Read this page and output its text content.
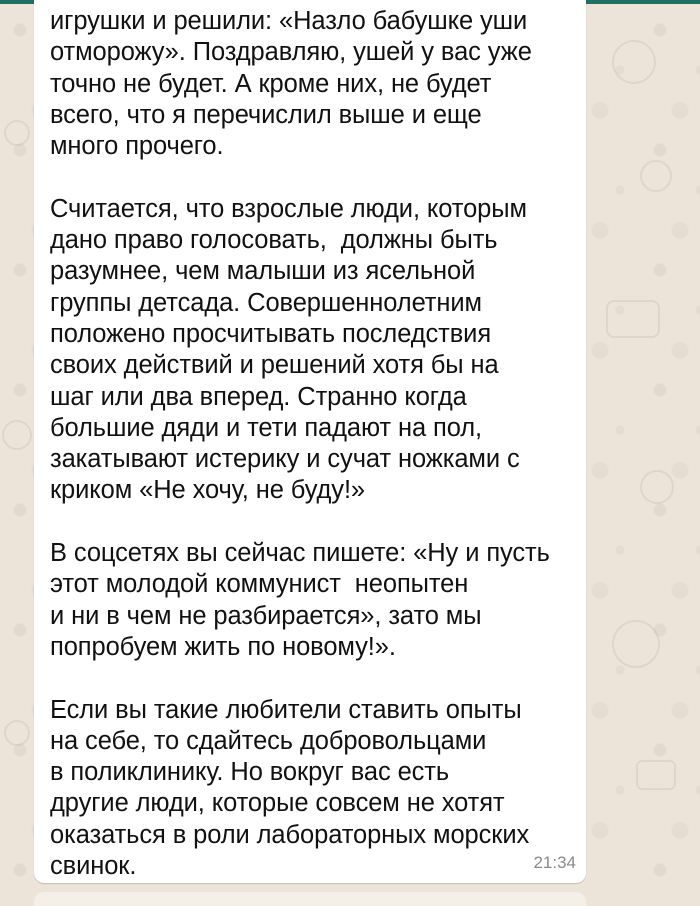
игрушки и решили: «Назло бабушке уши
отморожу». Поздравляю, ушей у вас уже
точно не будет. А кроме них, не будет
всего, что я перечислил выше и еще
много прочего.

Считается, что взрослые люди, которым
дано право голосовать,  должны быть
разумнее, чем малыши из ясельной
группы детсада. Совершеннолетним
положено просчитывать последствия
своих действий и решений хотя бы на
шаг или два вперед. Странно когда
большие дяди и тети падают на пол,
закатывают истерику и сучат ножками с
криком «Не хочу, не буду!»

В соцсетях вы сейчас пишете: «Ну и пусть
этот молодой коммунист  неопытен
и ни в чем не разбирается», зато мы
попробуем жить по новому!».

Если вы такие любители ставить опыты
на себе, то сдайтесь добровольцами
в поликлинику. Но вокруг вас есть
другие люди, которые совсем не хотят
оказаться в роли лабораторных морских
свинок.	21:34
